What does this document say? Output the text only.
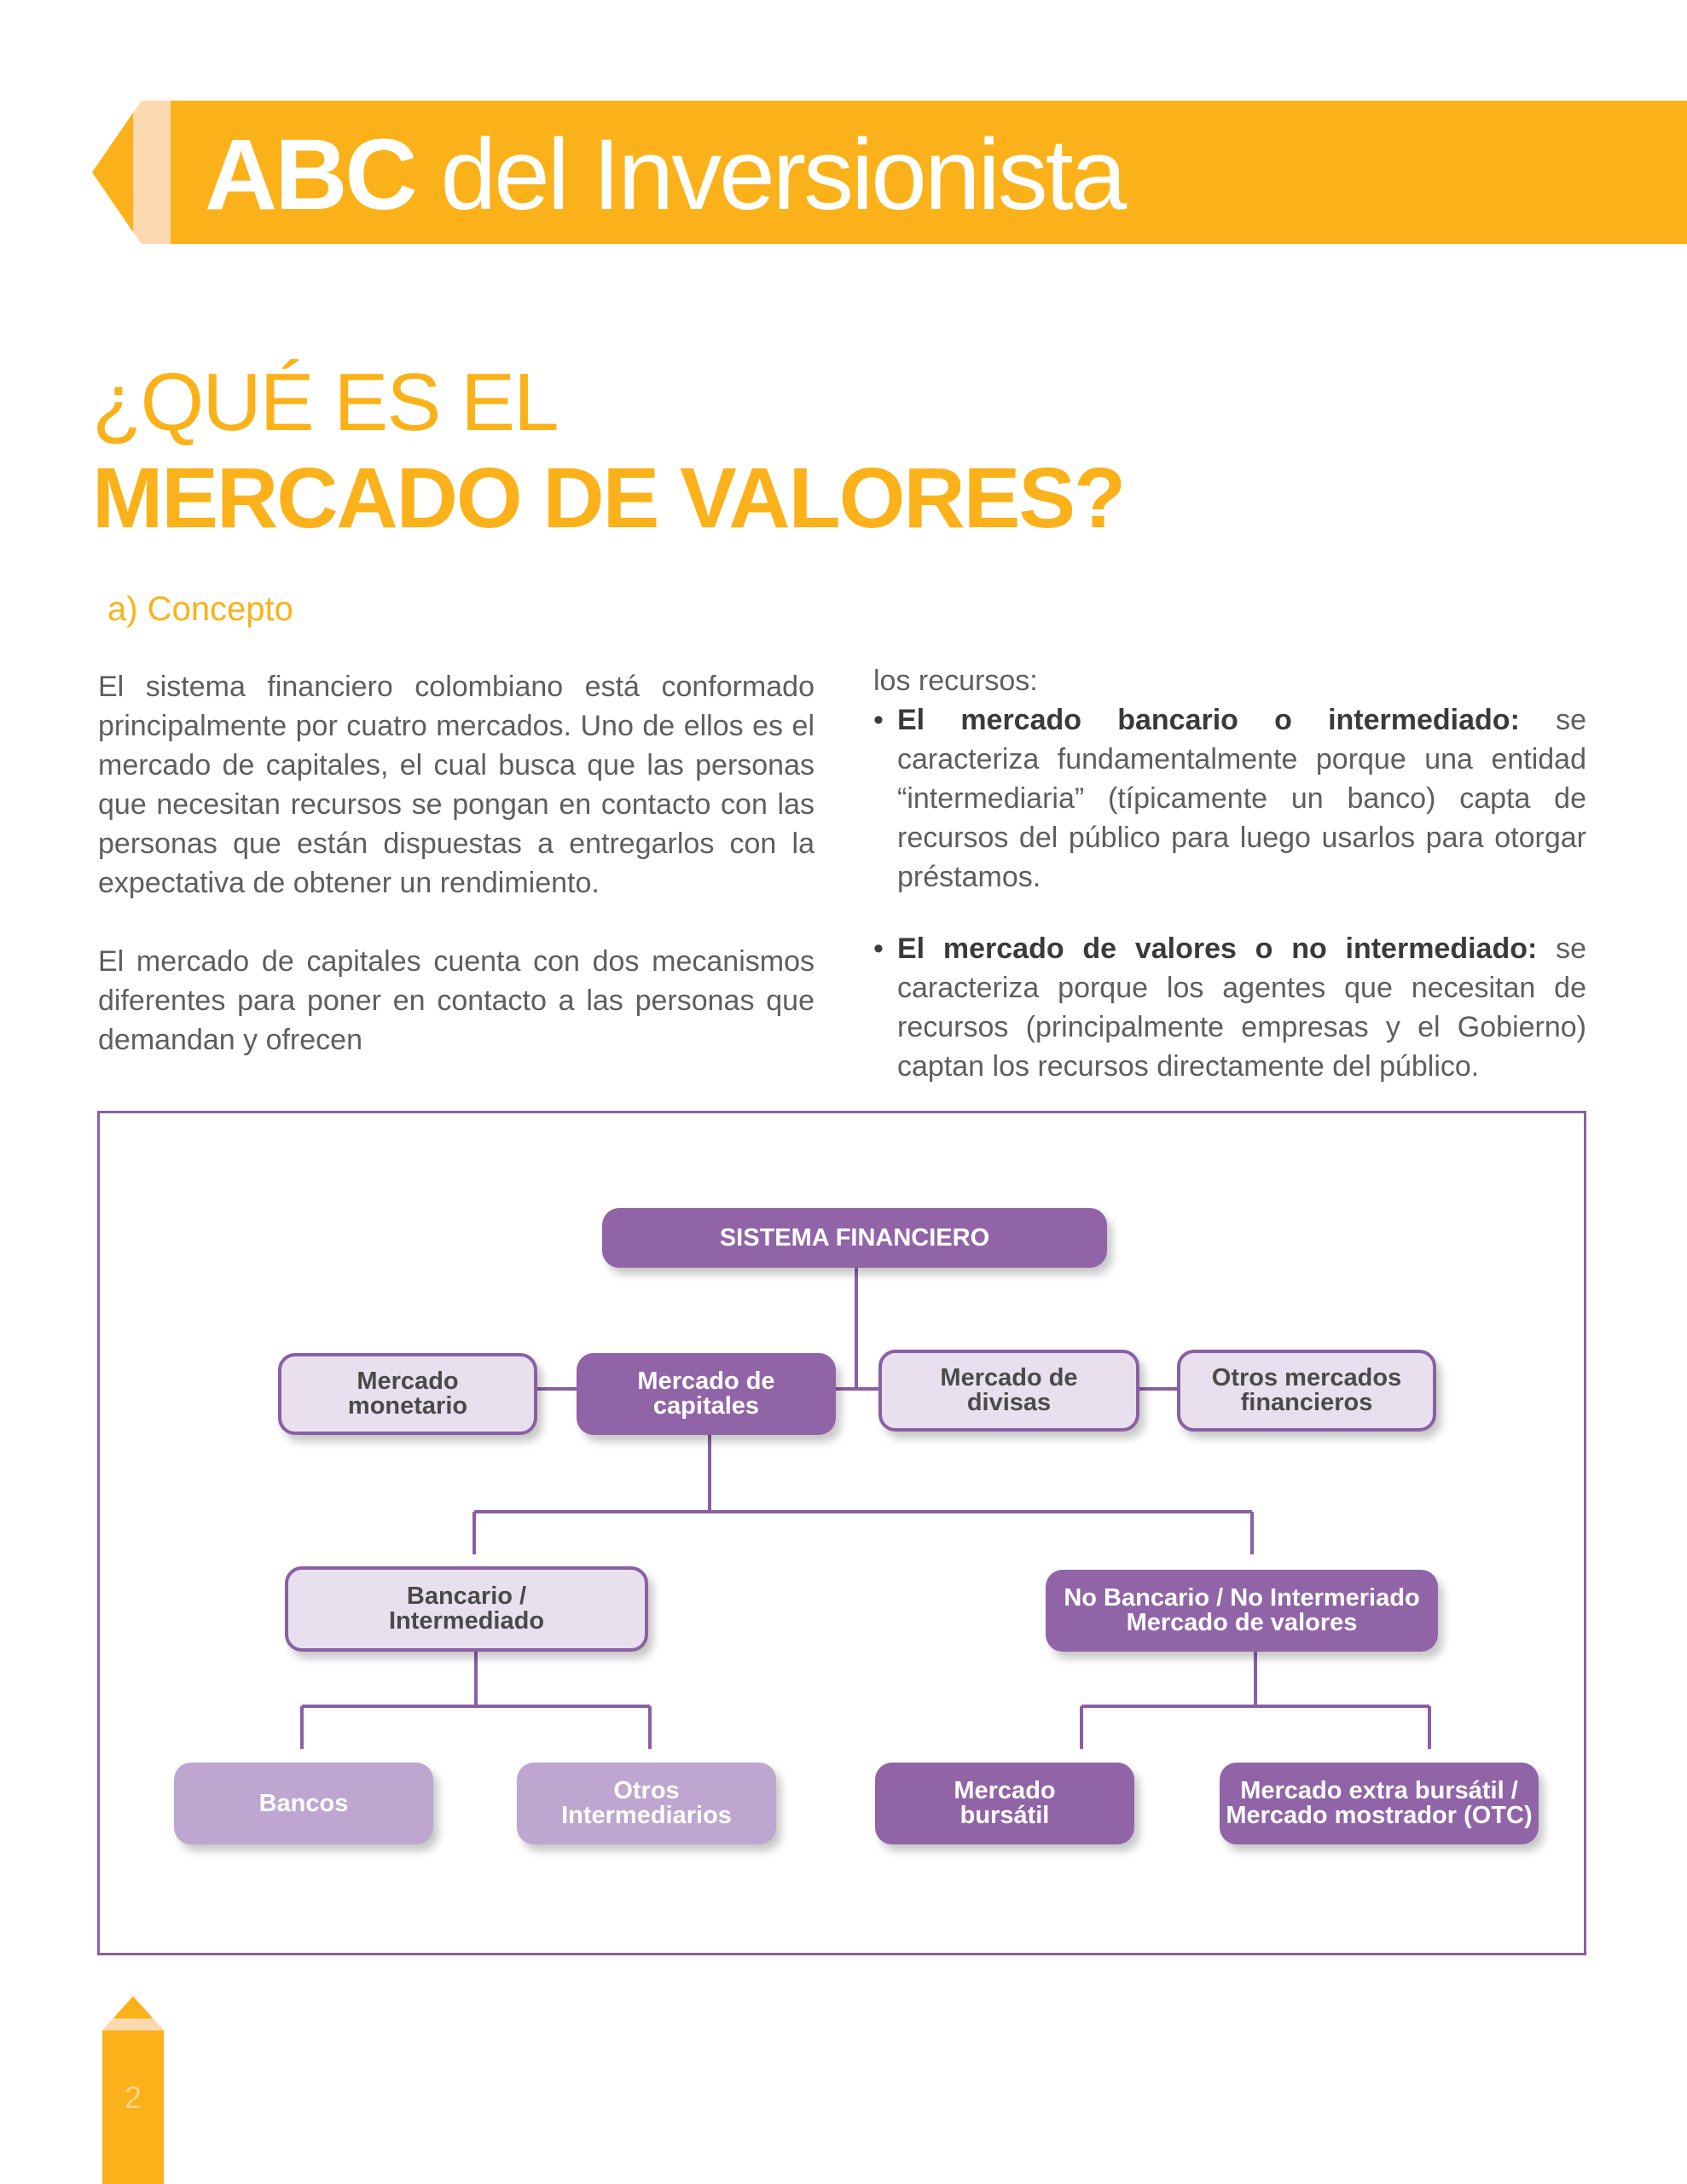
ABC del Inversionista
¿QUÉ ES EL
MERCADO DE VALORES?
a) Concepto

El sistema financiero colombiano está conformado principalmente por cuatro mercados. Uno de ellos es el mercado de capitales, el cual busca que las personas que necesitan recursos se pongan en contacto con las personas que están dispuestas a entregarlos con la expectativa de obtener un rendimiento.

El mercado de capitales cuenta con dos mecanismos diferentes para poner en contacto a las personas que demandan y ofrecen

los recursos:

• El mercado bancario o intermediado: se caracteriza fundamentalmente porque una entidad “intermediaria” (típicamente un banco) capta de recursos del público para luego usarlos para otorgar préstamos.

• El mercado de valores o no intermediado: se caracteriza porque los agentes que necesitan de recursos (principalmente empresas y el Gobierno) captan los recursos directamente del público.

SISTEMA FINANCIERO
Mercado
monetario
Mercado de
capitales
Mercado de
divisas
Otros mercados
financieros
Bancario /
Intermediado
No Bancario / No Intermeriado
Mercado de valores
Bancos	Otros
Intermediarios
Mercado
bursátil
Mercado extra bursátil /
Mercado mostrador (OTC)
2
